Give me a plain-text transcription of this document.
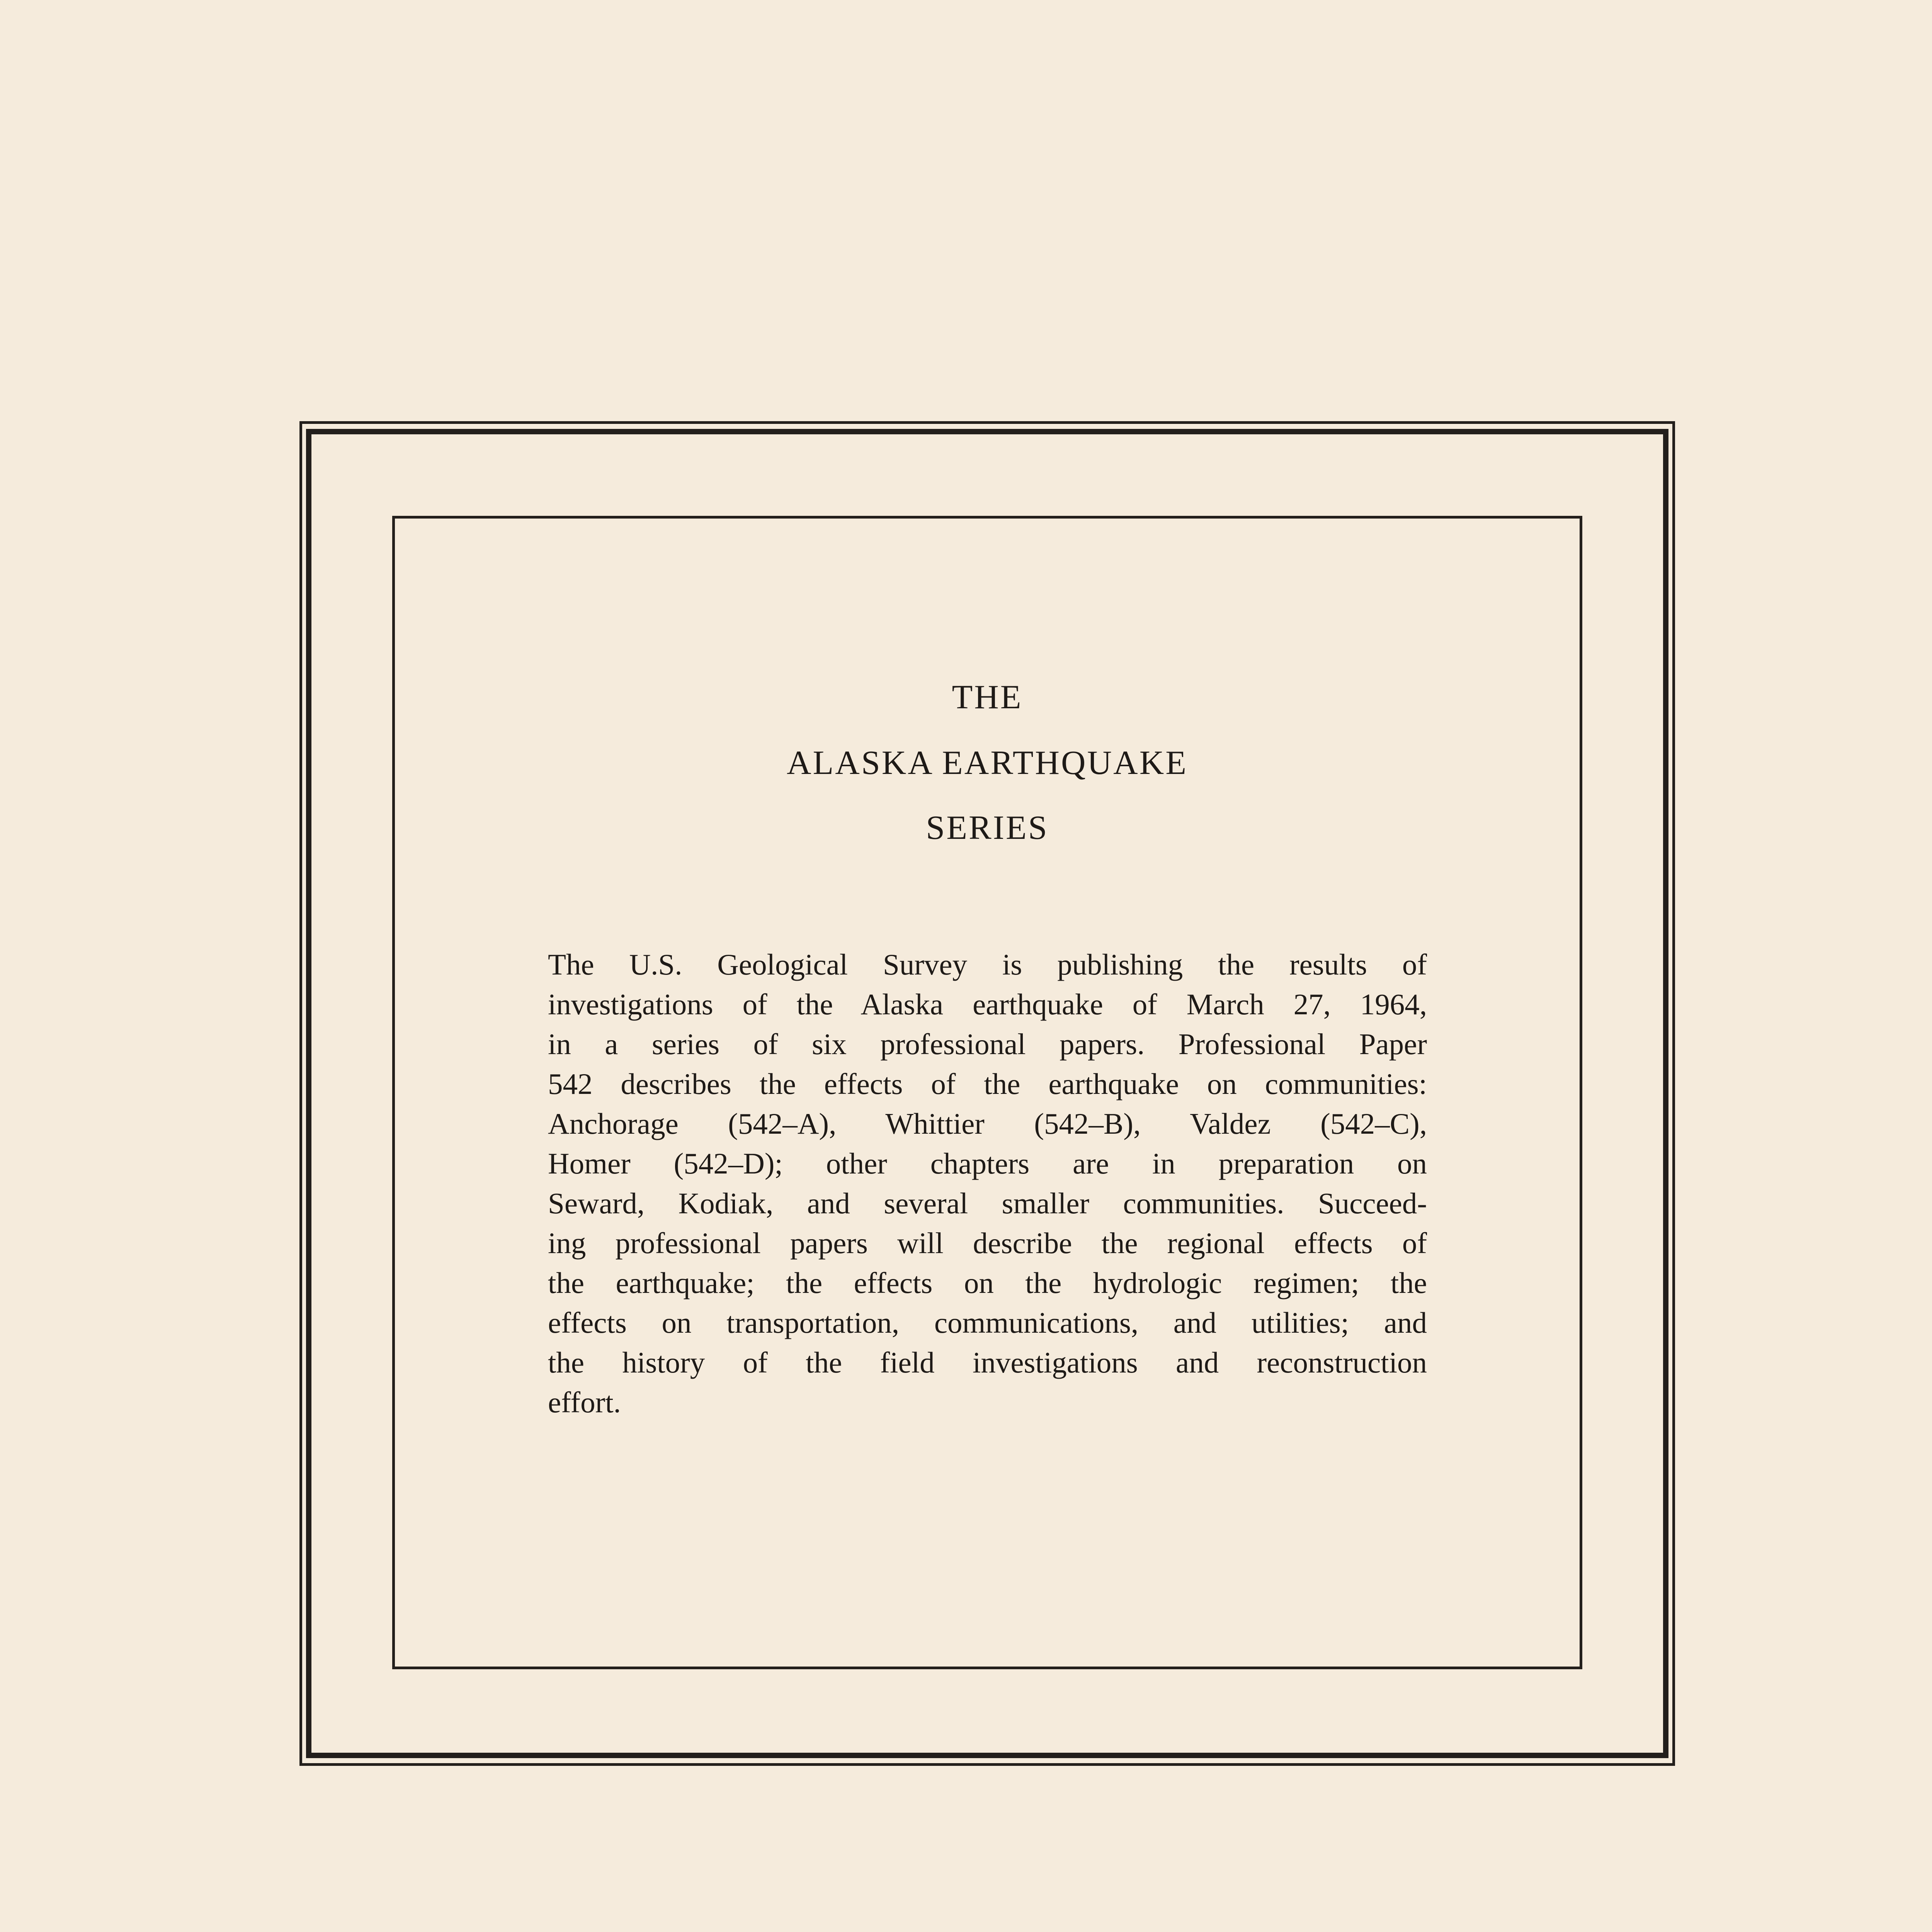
THE
ALASKA EARTHQUAKE
SERIES
The U.S. Geological Survey is publishing the results of
investigations of the Alaska earthquake of March 27, 1964,
in a series of six professional papers. Professional Paper
542 describes the effects of the earthquake on communities:
Anchorage (542–A), Whittier (542–B), Valdez (542–C),
Homer (542–D); other chapters are in preparation on
Seward, Kodiak, and several smaller communities. Succeed-
ing professional papers will describe the regional effects of
the earthquake; the effects on the hydrologic regimen; the
effects on transportation, communications, and utilities; and
the history of the field investigations and reconstruction
effort.
